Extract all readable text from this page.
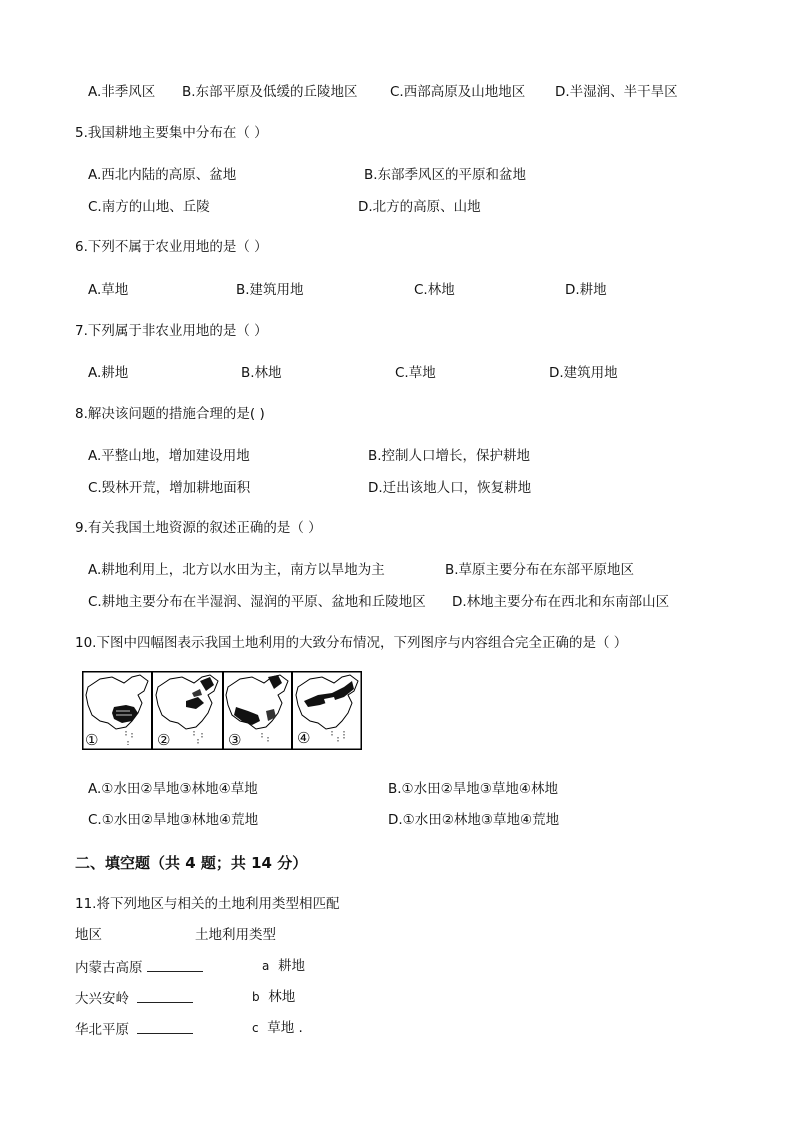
A.非季风区 B.东部平原及低缓的丘陵地区 C.西部高原及山地地区 D.半湿润、半干旱区
5.我国耕地主要集中分布在（ ）
A.西北内陆的高原、盆地	B.东部季风区的平原和盆地
C.南方的山地、丘陵	D.北方的高原、山地
6.下列不属于农业用地的是（ ）
A.草地	B.建筑用地	C.林地	D.耕地
7.下列属于非农业用地的是（ ）
A.耕地	B.林地	C.草地	D.建筑用地
8.解决该问题的措施合理的是( )
A.平整山地，增加建设用地	B.控制人口增长，保护耕地
C.毁林开荒，增加耕地面积	D.迁出该地人口，恢复耕地
9.有关我国土地资源的叙述正确的是（ ）
A.耕地利用上，北方以水田为主，南方以旱地为主	B.草原主要分布在东部平原地区
C.耕地主要分布在半湿润、湿润的平原、盆地和丘陵地区 D.林地主要分布在西北和东南部山区
10.下图中四幅图表示我国土地利用的大致分布情况，下列图序与内容组合完全正确的是（ ）
①	②	③	④
A.①水田②旱地③林地④草地	B.①水田②旱地③草地④林地
C.①水田②旱地③林地④荒地	D.①水田②林地③草地④荒地
二、填空题（共 4 题；共 14 分）
11.将下列地区与相关的土地利用类型相匹配
地区	土地利用类型
内蒙古高原	a 耕地
大兴安岭	b 林地
华北平原	c 草地 .
